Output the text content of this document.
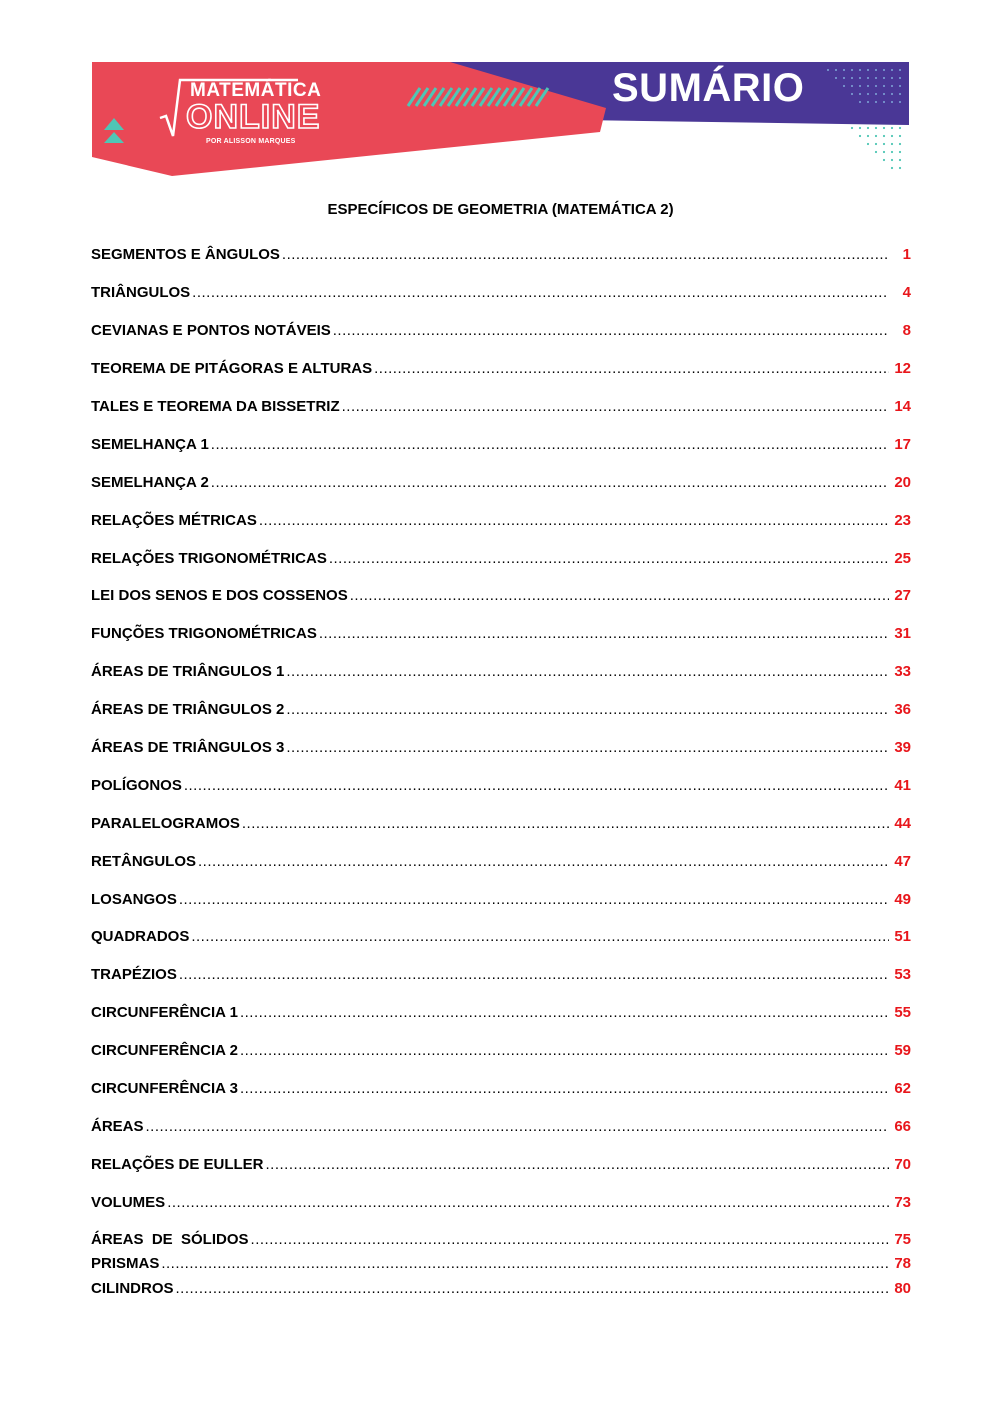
MATEMÁTICA
ONLINE
POR ALISSON MARQUES
SUMÁRIO
ESPECÍFICOS DE GEOMETRIA (MATEMÁTICA 2)
SEGMENTOS E ÂNGULOS .....	1
TRIÂNGULOS .....	4
CEVIANAS E PONTOS NOTÁVEIS .....	8
TEOREMA DE PITÁGORAS E ALTURAS .....	12
TALES E TEOREMA DA BISSETRIZ .....	14
SEMELHANÇA 1 .....	17
SEMELHANÇA 2 .....	20
RELAÇÕES MÉTRICAS .....	23
RELAÇÕES TRIGONOMÉTRICAS .....	25
LEI DOS SENOS E DOS COSSENOS .....	27
FUNÇÕES TRIGONOMÉTRICAS .....	31
ÁREAS DE TRIÂNGULOS 1 .....	33
ÁREAS DE TRIÂNGULOS 2 .....	36
ÁREAS DE TRIÂNGULOS 3 .....	39
POLÍGONOS .....	41
PARALELOGRAMOS .....	44
RETÂNGULOS .....	47
LOSANGOS .....	49
QUADRADOS .....	51
TRAPÉZIOS .....	53
CIRCUNFERÊNCIA 1 .....	55
CIRCUNFERÊNCIA 2 .....	59
CIRCUNFERÊNCIA 3 .....	62
ÁREAS .....	66
RELAÇÕES DE EULLER .....	70
VOLUMES .....	73
ÁREAS  DE  SÓLIDOS .....	75
PRISMAS .....	78
CILINDROS .....	80
